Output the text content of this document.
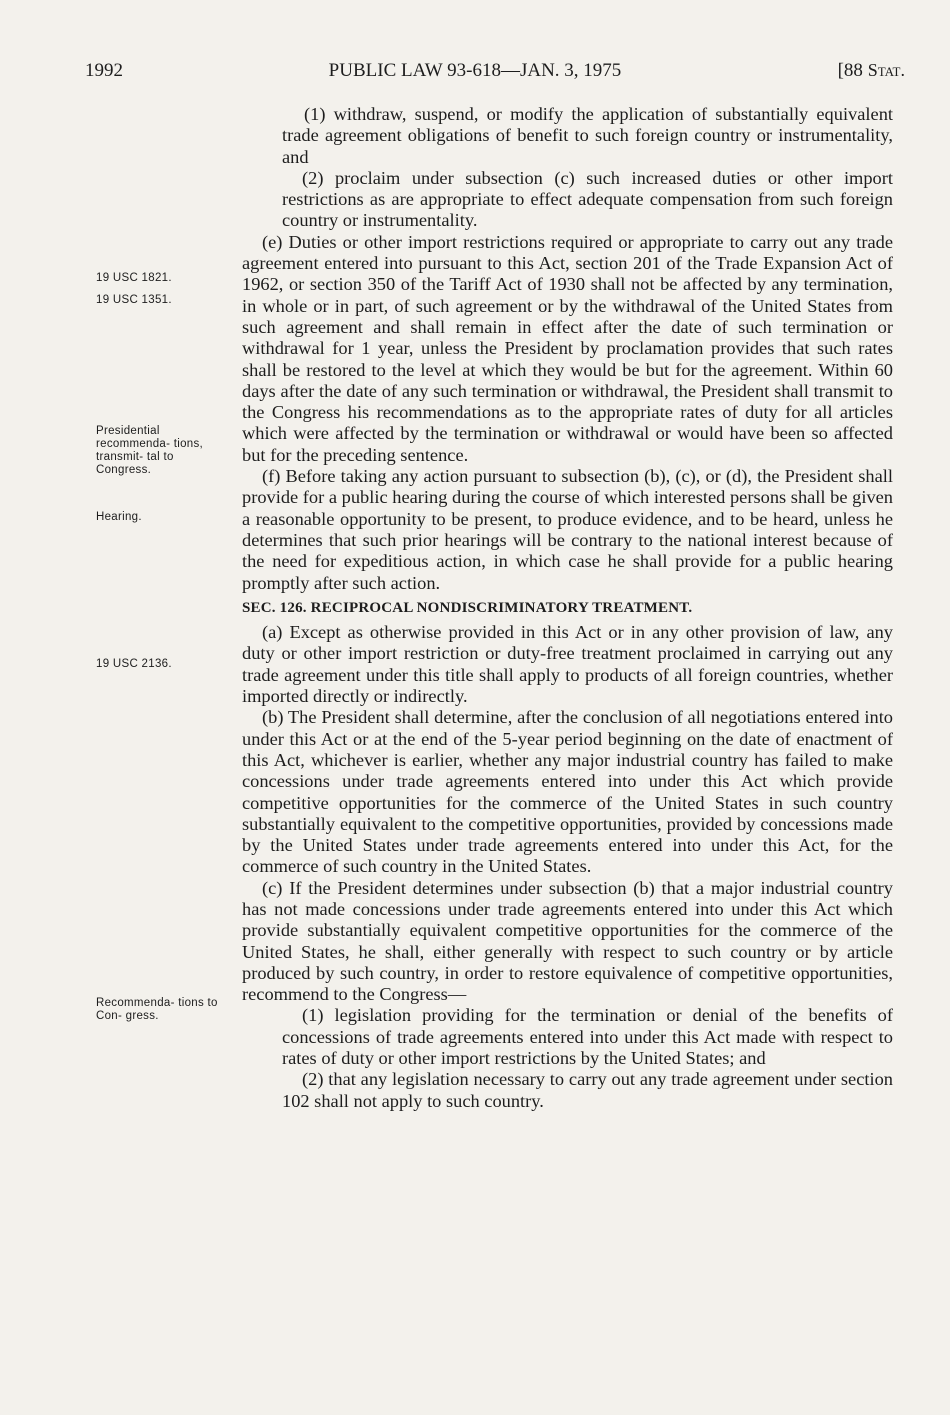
1992	PUBLIC LAW 93-618—JAN. 3, 1975	[88 Stat.
19 USC 1821.
19 USC 1351.
Presidential recommenda- tions, transmit- tal to Congress.
Hearing.
19 USC 2136.
Recommenda- tions to Con- gress.

(1) withdraw, suspend, or modify the application of substantially equivalent trade agreement obligations of benefit to such foreign country or instrumentality, and

(2) proclaim under subsection (c) such increased duties or other import restrictions as are appropriate to effect adequate compensation from such foreign country or instrumentality.

(e) Duties or other import restrictions required or appropriate to carry out any trade agreement entered into pursuant to this Act, section 201 of the Trade Expansion Act of 1962, or section 350 of the Tariff Act of 1930 shall not be affected by any termination, in whole or in part, of such agreement or by the withdrawal of the United States from such agreement and shall remain in effect after the date of such termination or withdrawal for 1 year, unless the President by proclamation provides that such rates shall be restored to the level at which they would be but for the agreement. Within 60 days after the date of any such termination or withdrawal, the President shall transmit to the Congress his recommendations as to the appropriate rates of duty for all articles which were affected by the termination or withdrawal or would have been so affected but for the preceding sentence.

(f) Before taking any action pursuant to subsection (b), (c), or (d), the President shall provide for a public hearing during the course of which interested persons shall be given a reasonable opportunity to be present, to produce evidence, and to be heard, unless he determines that such prior hearings will be contrary to the national interest because of the need for expeditious action, in which case he shall provide for a public hearing promptly after such action.

SEC. 126. RECIPROCAL NONDISCRIMINATORY TREATMENT.

(a) Except as otherwise provided in this Act or in any other provision of law, any duty or other import restriction or duty-free treatment proclaimed in carrying out any trade agreement under this title shall apply to products of all foreign countries, whether imported directly or indirectly.

(b) The President shall determine, after the conclusion of all negotiations entered into under this Act or at the end of the 5-year period beginning on the date of enactment of this Act, whichever is earlier, whether any major industrial country has failed to make concessions under trade agreements entered into under this Act which provide competitive opportunities for the commerce of the United States in such country substantially equivalent to the competitive opportunities, provided by concessions made by the United States under trade agreements entered into under this Act, for the commerce of such country in the United States.

(c) If the President determines under subsection (b) that a major industrial country has not made concessions under trade agreements entered into under this Act which provide substantially equivalent competitive opportunities for the commerce of the United States, he shall, either generally with respect to such country or by article produced by such country, in order to restore equivalence of competitive opportunities, recommend to the Congress—

(1) legislation providing for the termination or denial of the benefits of concessions of trade agreements entered into under this Act made with respect to rates of duty or other import restrictions by the United States; and

(2) that any legislation necessary to carry out any trade agreement under section 102 shall not apply to such country.
